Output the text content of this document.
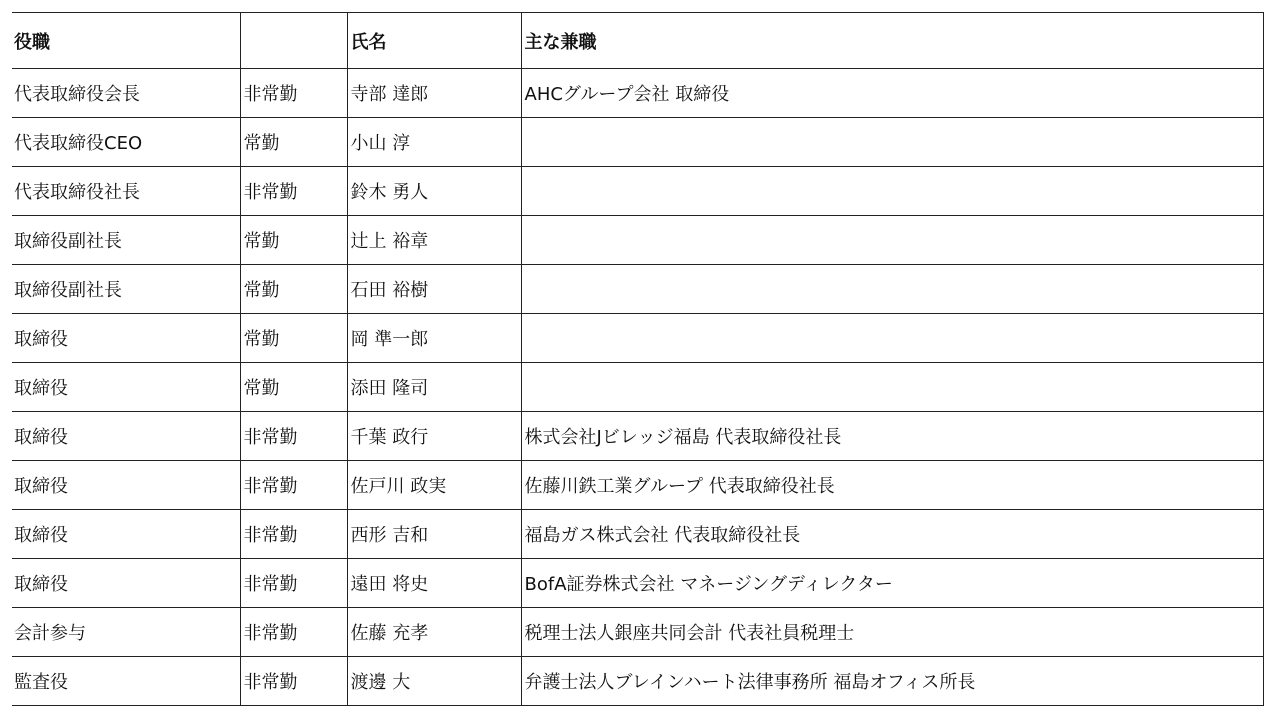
役職		氏名	主な兼職
代表取締役会長	非常勤	寺部 達郎	AHCグループ会社 取締役
代表取締役CEO	常勤	小山 淳	
代表取締役社長	非常勤	鈴木 勇人	
取締役副社長	常勤	辻上 裕章	
取締役副社長	常勤	石田 裕樹	
取締役	常勤	岡 準一郎	
取締役	常勤	添田 隆司	
取締役	非常勤	千葉 政行	株式会社Jビレッジ福島 代表取締役社長
取締役	非常勤	佐戸川 政実	佐藤川鉄工業グループ 代表取締役社長
取締役	非常勤	西形 吉和	福島ガス株式会社 代表取締役社長
取締役	非常勤	遠田 将史	BofA証券株式会社 マネージングディレクター
会計参与	非常勤	佐藤 充孝	税理士法人銀座共同会計 代表社員税理士
監査役	非常勤	渡邊 大	弁護士法人ブレインハート法律事務所 福島オフィス所長
